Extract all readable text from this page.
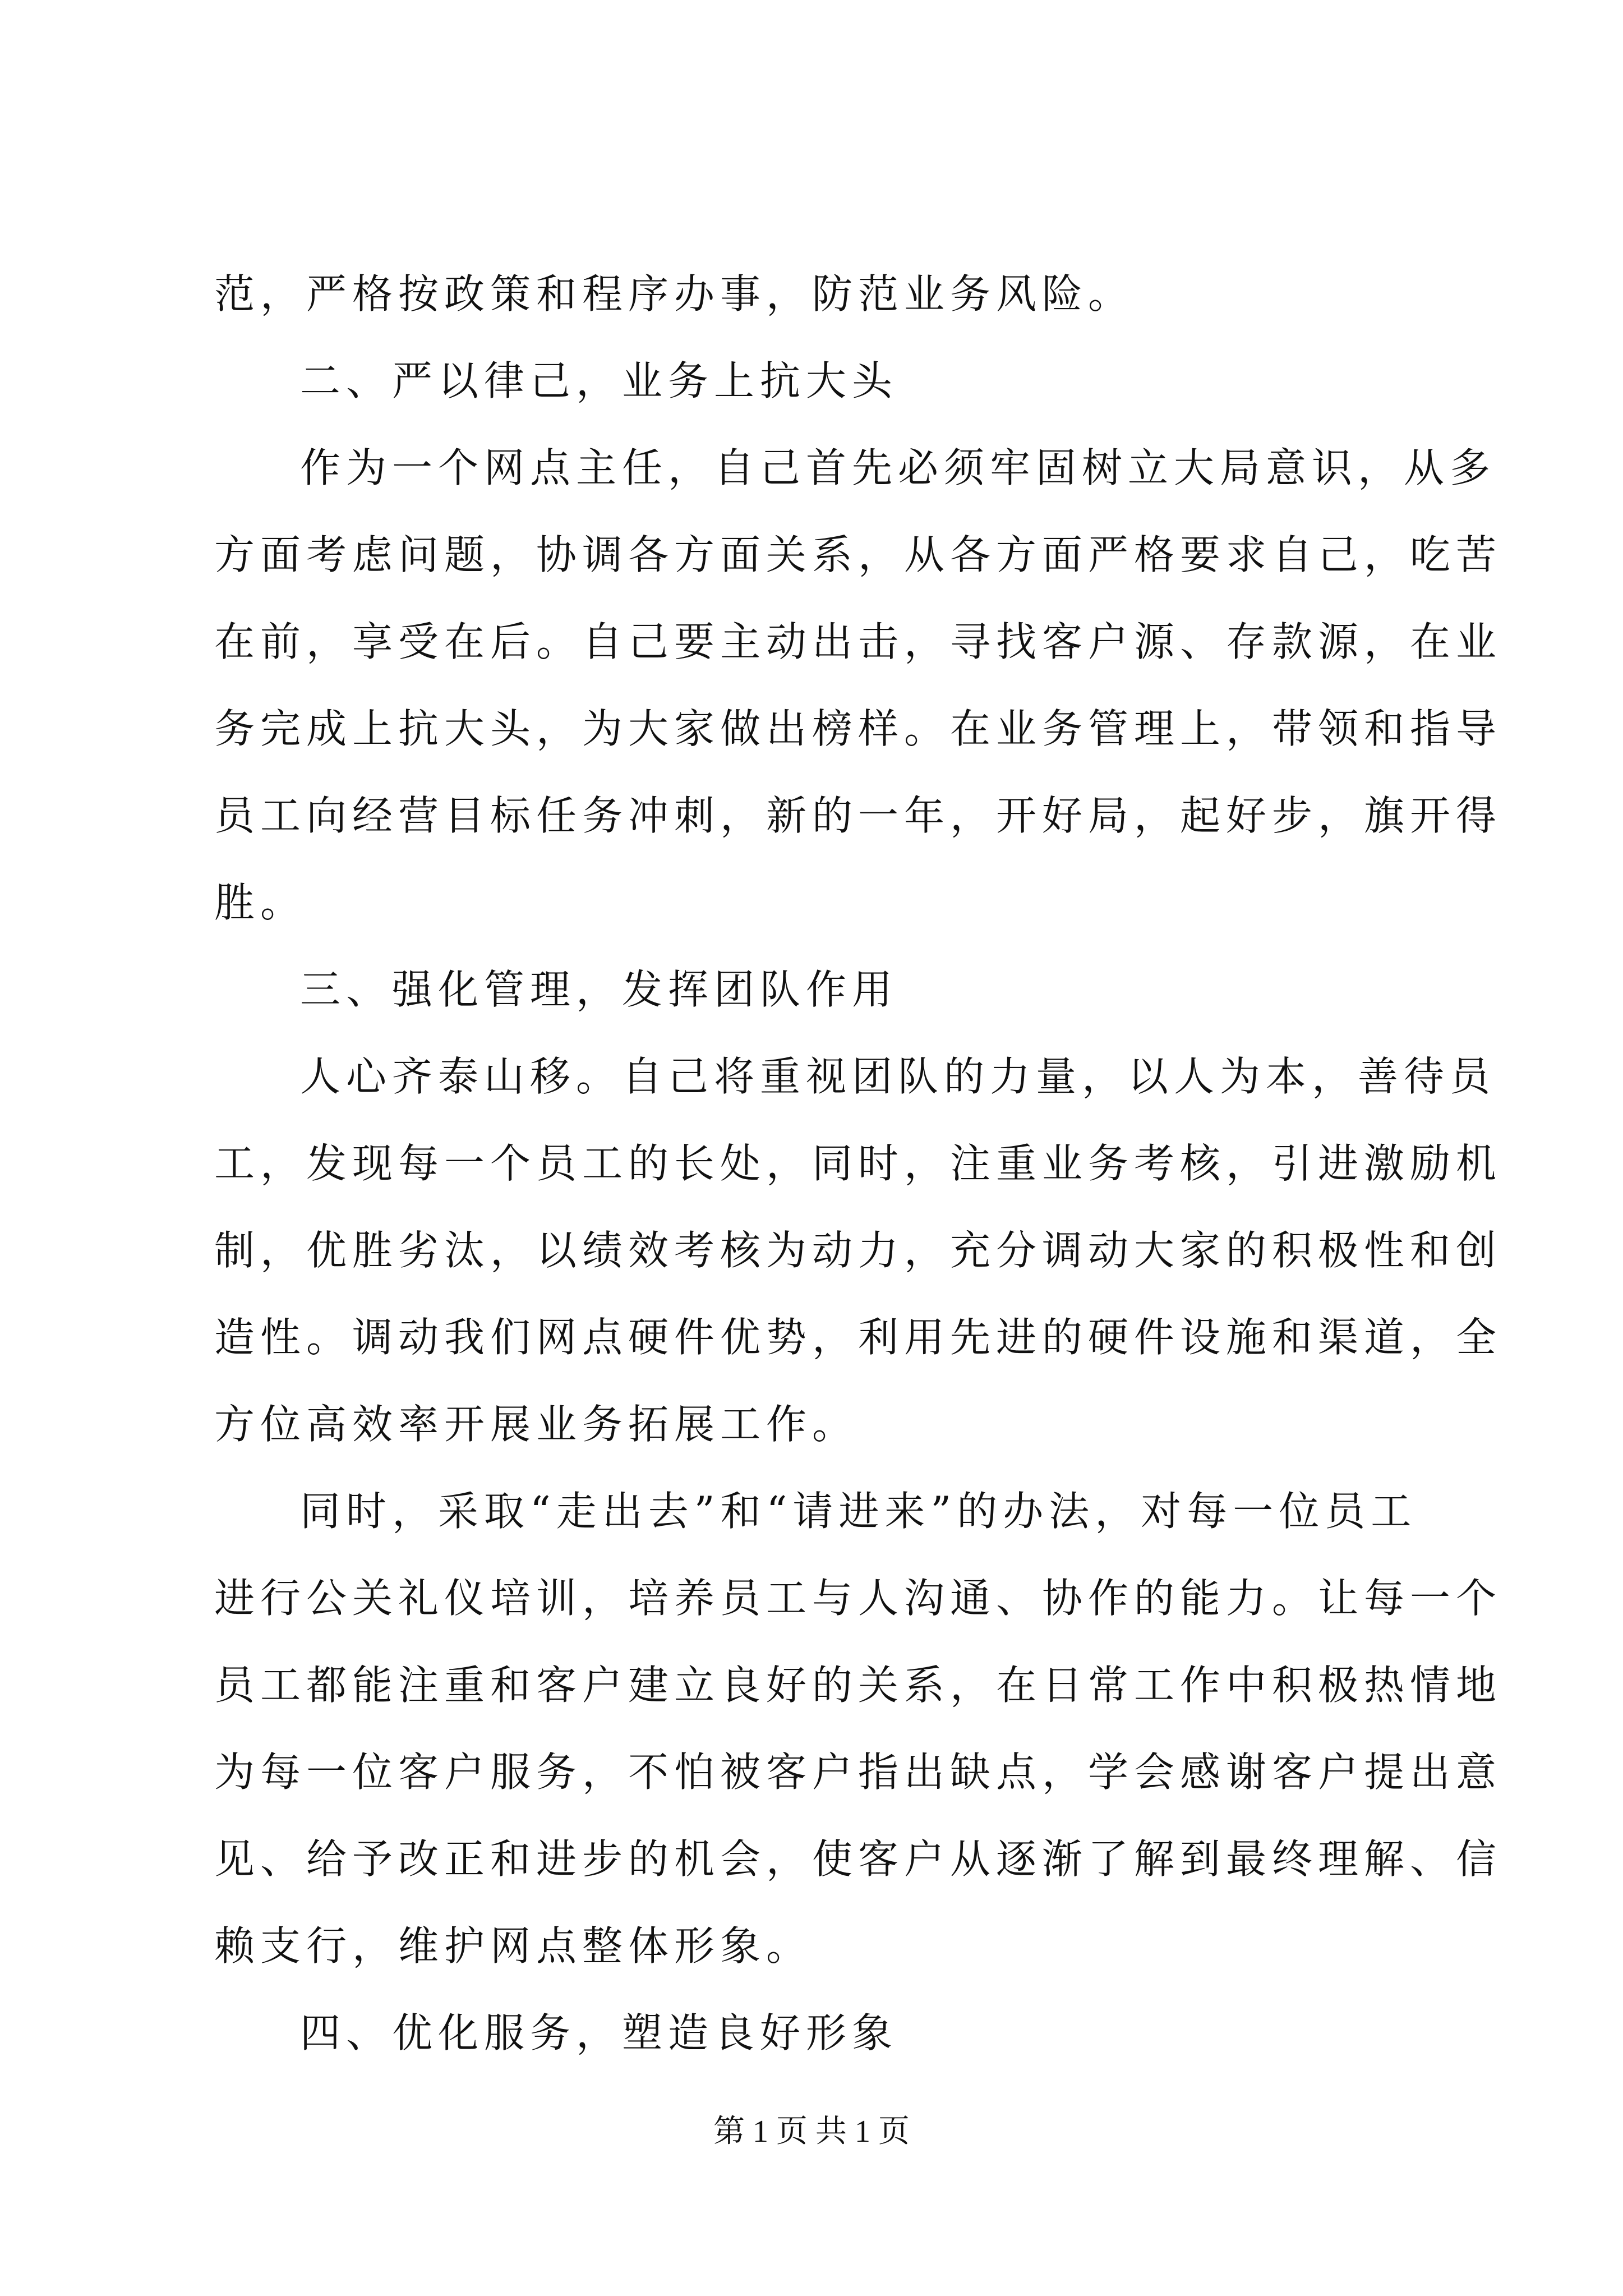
范，严格按政策和程序办事，防范业务风险。
二、严以律己，业务上抗大头
作为一个网点主任，自己首先必须牢固树立大局意识，从多
方面考虑问题，协调各方面关系，从各方面严格要求自己，吃苦
在前，享受在后。自己要主动出击，寻找客户源、存款源，在业
务完成上抗大头，为大家做出榜样。在业务管理上，带领和指导
员工向经营目标任务冲刺，新的一年，开好局，起好步，旗开得
胜。
三、强化管理，发挥团队作用
人心齐泰山移。自己将重视团队的力量，以人为本，善待员
工，发现每一个员工的长处，同时，注重业务考核，引进激励机
制，优胜劣汰，以绩效考核为动力，充分调动大家的积极性和创
造性。调动我们网点硬件优势，利用先进的硬件设施和渠道，全
方位高效率开展业务拓展工作。
同时，采取“走出去”和“请进来”的办法，对每一位员工
进行公关礼仪培训，培养员工与人沟通、协作的能力。让每一个
员工都能注重和客户建立良好的关系，在日常工作中积极热情地
为每一位客户服务，不怕被客户指出缺点，学会感谢客户提出意
见、给予改正和进步的机会，使客户从逐渐了解到最终理解、信
赖支行，维护网点整体形象。
四、优化服务，塑造良好形象
第 1 页 共 1 页
